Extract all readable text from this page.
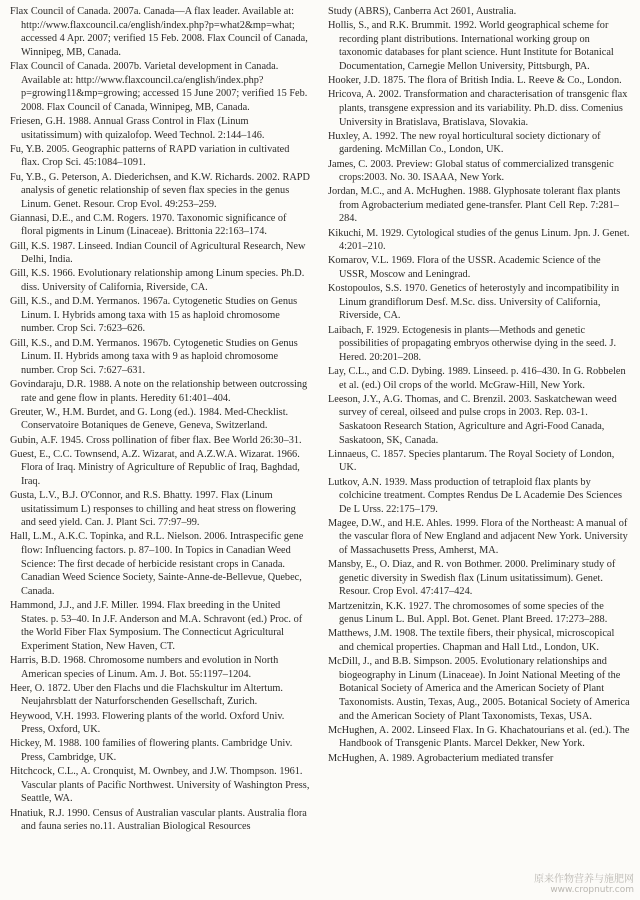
Flax Council of Canada. 2007a. Canada—A flax leader. Available at: http://www.flaxcouncil.ca/english/index.php?p=what2&mp=what; accessed 4 Apr. 2007; verified 15 Feb. 2008. Flax Council of Canada, Winnipeg, MB, Canada.

Flax Council of Canada. 2007b. Varietal development in Canada. Available at: http://www.flaxcouncil.ca/english/index.php?p=growing11&mp=growing; accessed 15 June 2007; verified 15 Feb. 2008. Flax Council of Canada, Winnipeg, MB, Canada.

Friesen, G.H. 1988. Annual Grass Control in Flax (Linum usitatissimum) with quizalofop. Weed Technol. 2:144–146.

Fu, Y.B. 2005. Geographic patterns of RAPD variation in cultivated flax. Crop Sci. 45:1084–1091.

Fu, Y.B., G. Peterson, A. Diederichsen, and K.W. Richards. 2002. RAPD analysis of genetic relationship of seven flax species in the genus Linum. Genet. Resour. Crop Evol. 49:253–259.

Giannasi, D.E., and C.M. Rogers. 1970. Taxonomic significance of floral pigments in Linum (Linaceae). Brittonia 22:163–174.

Gill, K.S. 1987. Linseed. Indian Council of Agricultural Research, New Delhi, India.

Gill, K.S. 1966. Evolutionary relationship among Linum species. Ph.D. diss. University of California, Riverside, CA.

Gill, K.S., and D.M. Yermanos. 1967a. Cytogenetic Studies on Genus Linum. I. Hybrids among taxa with 15 as haploid chromosome number. Crop Sci. 7:623–626.

Gill, K.S., and D.M. Yermanos. 1967b. Cytogenetic Studies on Genus Linum. II. Hybrids among taxa with 9 as haploid chromosome number. Crop Sci. 7:627–631.

Govindaraju, D.R. 1988. A note on the relationship between outcrossing rate and gene flow in plants. Heredity 61:401–404.

Greuter, W., H.M. Burdet, and G. Long (ed.). 1984. Med-Checklist. Conservatoire Botaniques de Geneve, Geneva, Switzerland.

Gubin, A.F. 1945. Cross pollination of fiber flax. Bee World 26:30–31.

Guest, E., C.C. Townsend, A.Z. Wizarat, and A.Z.W.A. Wizarat. 1966. Flora of Iraq. Ministry of Agriculture of Republic of Iraq, Baghdad, Iraq.

Gusta, L.V., B.J. O'Connor, and R.S. Bhatty. 1997. Flax (Linum usitatissimum L) responses to chilling and heat stress on flowering and seed yield. Can. J. Plant Sci. 77:97–99.

Hall, L.M., A.K.C. Topinka, and R.L. Nielson. 2006. Intraspecific gene flow: Influencing factors. p. 87–100. In Topics in Canadian Weed Science: The first decade of herbicide resistant crops in Canada. Canadian Weed Science Society, Sainte-Anne-de-Bellevue, Quebec, Canada.

Hammond, J.J., and J.F. Miller. 1994. Flax breeding in the United States. p. 53–40. In J.F. Anderson and M.A. Schravont (ed.) Proc. of the World Fiber Flax Symposium. The Connecticut Agricultural Experiment Station, New Haven, CT.

Harris, B.D. 1968. Chromosome numbers and evolution in North American species of Linum. Am. J. Bot. 55:1197–1204.

Heer, O. 1872. Uber den Flachs und die Flachskultur im Altertum. Neujahrsblatt der Naturforschenden Gesellschaft, Zurich.

Heywood, V.H. 1993. Flowering plants of the world. Oxford Univ. Press, Oxford, UK.

Hickey, M. 1988. 100 families of flowering plants. Cambridge Univ. Press, Cambridge, UK.

Hitchcock, C.L., A. Cronquist, M. Ownbey, and J.W. Thompson. 1961. Vascular plants of Pacific Northwest. University of Washington Press, Seattle, WA.

Hnatiuk, R.J. 1990. Census of Australian vascular plants. Australia flora and fauna series no.11. Australian Biological Resources

Study (ABRS), Canberra Act 2601, Australia.

Hollis, S., and R.K. Brummit. 1992. World geographical scheme for recording plant distributions. International working group on taxonomic databases for plant science. Hunt Institute for Botanical Documentation, Carnegie Mellon University, Pittsburgh, PA.

Hooker, J.D. 1875. The flora of British India. L. Reeve & Co., London.

Hricova, A. 2002. Transformation and characterisation of transgenic flax plants, transgene expression and its variability. Ph.D. diss. Comenius University in Bratislava, Bratislava, Slovakia.

Huxley, A. 1992. The new royal horticultural society dictionary of gardening. McMillan Co., London, UK.

James, C. 2003. Preview: Global status of commercialized transgenic crops:2003. No. 30. ISAAA, New York.

Jordan, M.C., and A. McHughen. 1988. Glyphosate tolerant flax plants from Agrobacterium mediated gene-transfer. Plant Cell Rep. 7:281–284.

Kikuchi, M. 1929. Cytological studies of the genus Linum. Jpn. J. Genet. 4:201–210.

Komarov, V.L. 1969. Flora of the USSR. Academic Science of the USSR, Moscow and Leningrad.

Kostopoulos, S.S. 1970. Genetics of heterostyly and incompatibility in Linum grandiflorum Desf. M.Sc. diss. University of California, Riverside, CA.

Laibach, F. 1929. Ectogenesis in plants—Methods and genetic possibilities of propagating embryos otherwise dying in the seed. J. Hered. 20:201–208.

Lay, C.L., and C.D. Dybing. 1989. Linseed. p. 416–430. In G. Robbelen et al. (ed.) Oil crops of the world. McGraw-Hill, New York.

Leeson, J.Y., A.G. Thomas, and C. Brenzil. 2003. Saskatchewan weed survey of cereal, oilseed and pulse crops in 2003. Rep. 03-1. Saskatoon Research Station, Agriculture and Agri-Food Canada, Saskatoon, SK, Canada.

Linnaeus, C. 1857. Species plantarum. The Royal Society of London, UK.

Lutkov, A.N. 1939. Mass production of tetraploid flax plants by colchicine treatment. Comptes Rendus De L Academie Des Sciences De L Urss. 22:175–179.

Magee, D.W., and H.E. Ahles. 1999. Flora of the Northeast: A manual of the vascular flora of New England and adjacent New York. University of Massachusetts Press, Amherst, MA.

Mansby, E., O. Diaz, and R. von Bothmer. 2000. Preliminary study of genetic diversity in Swedish flax (Linum usitatissimum). Genet. Resour. Crop Evol. 47:417–424.

Martzenitzin, K.K. 1927. The chromosomes of some species of the genus Linum L. Bul. Appl. Bot. Genet. Plant Breed. 17:273–288.

Matthews, J.M. 1908. The textile fibers, their physical, microscopical and chemical properties. Chapman and Hall Ltd., London, UK.

McDill, J., and B.B. Simpson. 2005. Evolutionary relationships and biogeography in Linum (Linaceae). In Joint National Meeting of the Botanical Society of America and the American Society of Plant Taxonomists. Austin, Texas, Aug., 2005. Botanical Society of America and the American Society of Plant Taxonomists, Texas, USA.

McHughen, A. 2002. Linseed Flax. In G. Khachatourians et al. (ed.). The Handbook of Transgenic Plants. Marcel Dekker, New York.

McHughen, A. 1989. Agrobacterium mediated transfer

原来作物营养与施肥网
www.cropnutr.com
